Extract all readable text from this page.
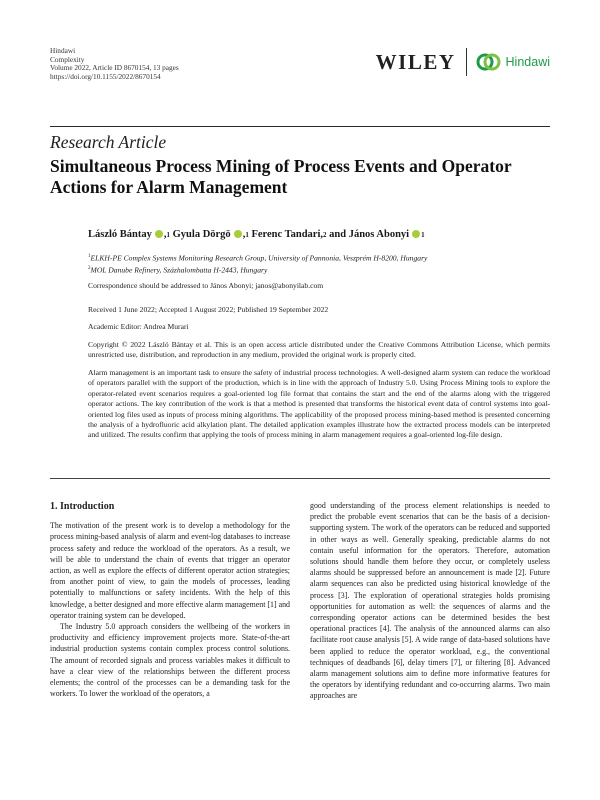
Hindawi
Complexity
Volume 2022, Article ID 8670154, 13 pages
https://doi.org/10.1155/2022/8670154
WILEY	Hindawi
Research Article
Simultaneous Process Mining of Process Events and Operator Actions for Alarm Management
László Bántay , 1
Gyula Dörgö , 1
Ferenc Tandari , 2
and
János Abonyi 1
$^1$ELKH-PE Complex Systems Monitoring Research Group, University of Pannonia, Veszprém H-8200, Hungary
$^2$MOL Danube Refinery, Százhalombatta H-2443, Hungary
Correspondence should be addressed to János Abonyi; janos@abonyilab.com
Received 1 June 2022; Accepted 1 August 2022; Published 19 September 2022
Academic Editor: Andrea Murari
Copyright © 2022 László Bántay et al. This is an open access article distributed under the Creative Commons Attribution License, which permits unrestricted use, distribution, and reproduction in any medium, provided the original work is properly cited.
Alarm management is an important task to ensure the safety of industrial process technologies. A well-designed alarm system can reduce the workload of operators parallel with the support of the production, which is in line with the approach of Industry 5.0. Using Process Mining tools to explore the operator-related event scenarios requires a goal-oriented log file format that contains the start and the end of the alarms along with the triggered operator actions. The key contribution of the work is that a method is presented that transforms the historical event data of control systems into goal-oriented log files used as inputs of process mining algorithms. The applicability of the proposed process mining-based method is presented concerning the analysis of a hydrofluoric acid alkylation plant. The detailed application examples illustrate how the extracted process models can be interpreted and utilized. The results confirm that applying the tools of process mining in alarm management requires a goal-oriented log-file design.
1. Introduction

The motivation of the present work is to develop a methodology for the process mining-based analysis of alarm and event-log databases to increase process safety and reduce the workload of the operators. As a result, we will be able to understand the chain of events that trigger an operator action, as well as explore the effects of different operator action strategies; from another point of view, to gain the models of processes, leading potentially to malfunctions or safety incidents. With the help of this knowledge, a better designed and more effective alarm management [1] and operator training system can be developed.

The Industry 5.0 approach considers the wellbeing of the workers in productivity and efficiency improvement projects more. State-of-the-art industrial production systems contain complex process control solutions. The amount of recorded signals and process variables makes it difficult to have a clear view of the relationships between the different process elements; the control of the processes can be a demanding task for the workers. To lower the workload of the operators, a

good understanding of the process element relationships is needed to predict the probable event scenarios that can be the basis of a decision-supporting system. The work of the operators can be reduced and supported in other ways as well. Generally speaking, predictable alarms do not contain useful information for the operators. Therefore, automation solutions should handle them before they occur, or completely useless alarms should be suppressed before an announcement is made [2]. Future alarm sequences can also be predicted using historical knowledge of the process [3]. The exploration of operational strategies holds promising opportunities for automation as well: the sequences of alarms and the corresponding operator actions can be determined besides the best operational practices [4]. The analysis of the announced alarms can also facilitate root cause analysis [5]. A wide range of data-based solutions have been applied to reduce the operator workload, e.g., the conventional techniques of deadbands [6], delay timers [7], or filtering [8]. Advanced alarm management solutions aim to define more informative features for the operators by identifying redundant and co-occurring alarms. Two main approaches are
